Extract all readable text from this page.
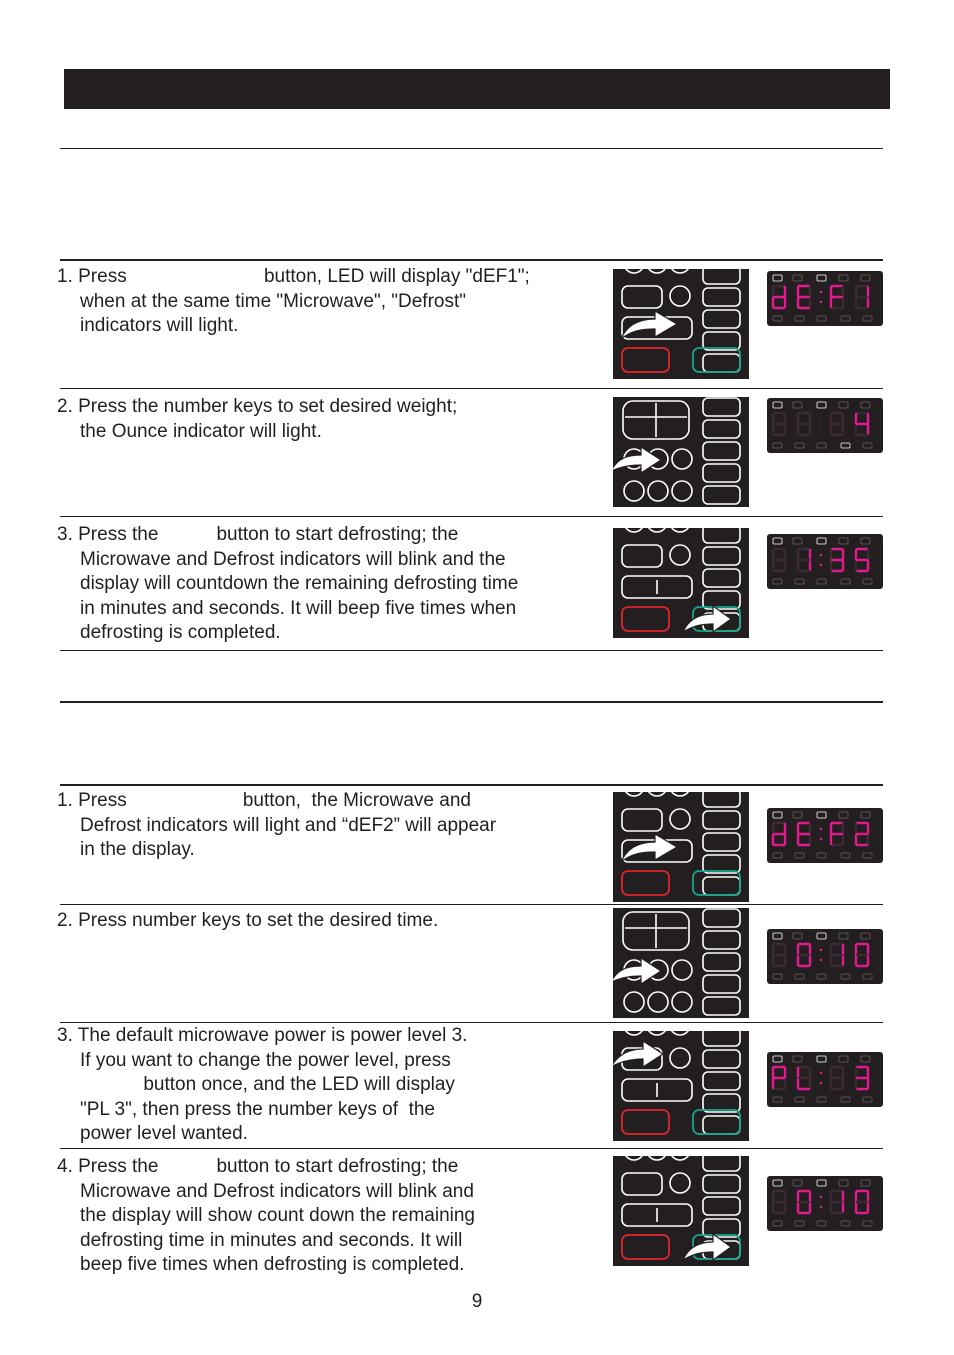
1. Press                          button, LED will display "dEF1";
when at the same time "Microwave", "Defrost"
indicators will light.
2. Press the number keys to set desired weight;
the Ounce indicator will light.
3. Press the           button to start defrosting; the
Microwave and Defrost indicators will blink and the
display will countdown the remaining defrosting time
in minutes and seconds. It will beep five times when
defrosting is completed.
1. Press                      button,  the Microwave and
Defrost indicators will light and “dEF2” will appear
in the display.
2. Press number keys to set the desired time.
3. The default microwave power is power level 3.
If you want to change the power level, press
button once, and the LED will display
"PL 3", then press the number keys of  the
power level wanted.
4. Press the           button to start defrosting; the
Microwave and Defrost indicators will blink and
the display will show count down the remaining
defrosting time in minutes and seconds. It will
beep five times when defrosting is completed.
9
